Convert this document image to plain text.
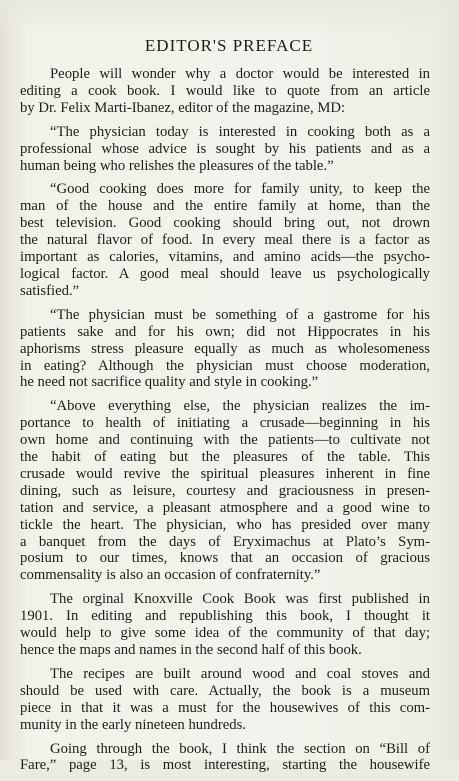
EDITOR'S PREFACE
People will wonder why a doctor would be interested in
editing a cook book. I would like to quote from an article
by Dr. Felix Marti-Ibanez, editor of the magazine, MD:
“The physician today is interested in cooking both as a
professional whose advice is sought by his patients and as a
human being who relishes the pleasures of the table.”
“Good cooking does more for family unity, to keep the
man of the house and the entire family at home, than the
best television. Good cooking should bring out, not drown
the natural flavor of food. In every meal there is a factor as
important as calories, vitamins, and amino acids—the psycho-
logical factor. A good meal should leave us psychologically
satisfied.”
“The physician must be something of a gastrome for his
patients sake and for his own; did not Hippocrates in his
aphorisms stress pleasure equally as much as wholesomeness
in eating? Although the physician must choose moderation,
he need not sacrifice quality and style in cooking.”
“Above everything else, the physician realizes the im-
portance to health of initiating a crusade—beginning in his
own home and continuing with the patients—to cultivate not
the habit of eating but the pleasures of the table. This
crusade would revive the spiritual pleasures inherent in fine
dining, such as leisure, courtesy and graciousness in presen-
tation and service, a pleasant atmosphere and a good wine to
tickle the heart. The physician, who has presided over many
a banquet from the days of Eryximachus at Plato’s Sym-
posium to our times, knows that an occasion of gracious
commensality is also an occasion of confraternity.”
The orginal Knoxville Cook Book was first published in
1901. In editing and republishing this book, I thought it
would help to give some idea of the community of that day;
hence the maps and names in the second half of this book.
The recipes are built around wood and coal stoves and
should be used with care. Actually, the book is a museum
piece in that it was a must for the housewives of this com-
munity in the early nineteen hundreds.
Going through the book, I think the section on “Bill of
Fare,” page 13, is most interesting, starting the housewife
